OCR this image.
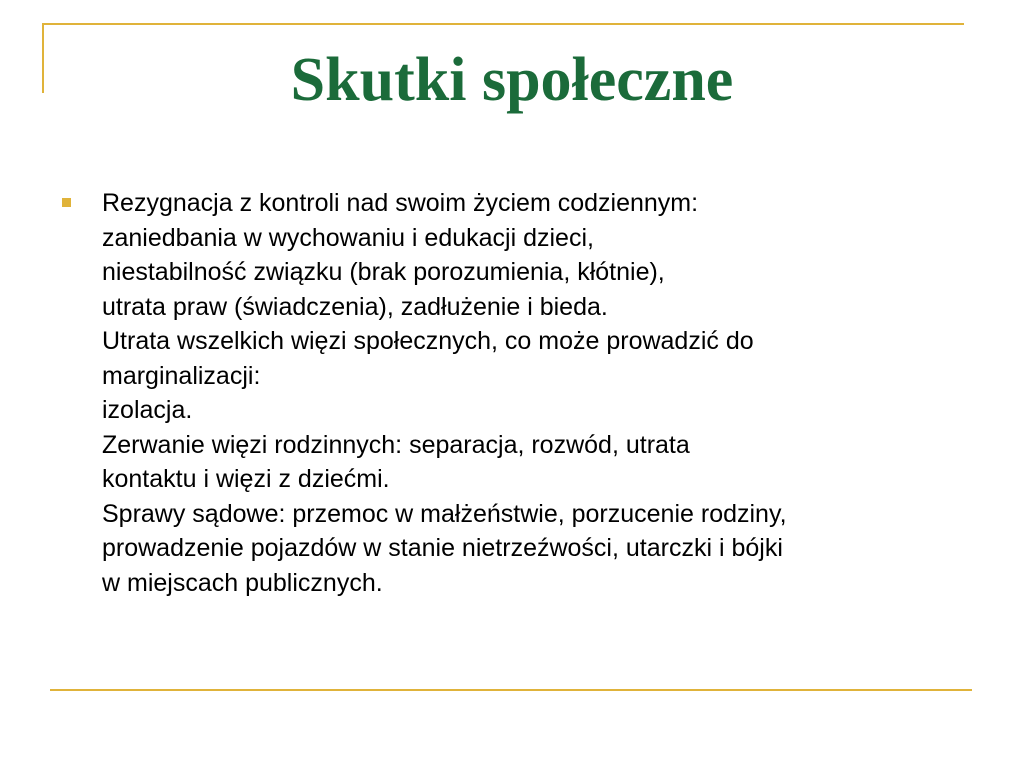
Skutki społeczne
Rezygnacja z kontroli nad swoim życiem codziennym:
zaniedbania w wychowaniu i edukacji dzieci,
niestabilność związku (brak porozumienia, kłótnie),
utrata praw (świadczenia), zadłużenie i bieda.
Utrata wszelkich więzi społecznych, co może prowadzić do
marginalizacji:
izolacja.
Zerwanie więzi rodzinnych: separacja, rozwód, utrata
kontaktu i więzi z dziećmi.
Sprawy sądowe: przemoc w małżeństwie, porzucenie rodziny,
prowadzenie pojazdów w stanie nietrzeźwości, utarczki i bójki
w miejscach publicznych.
